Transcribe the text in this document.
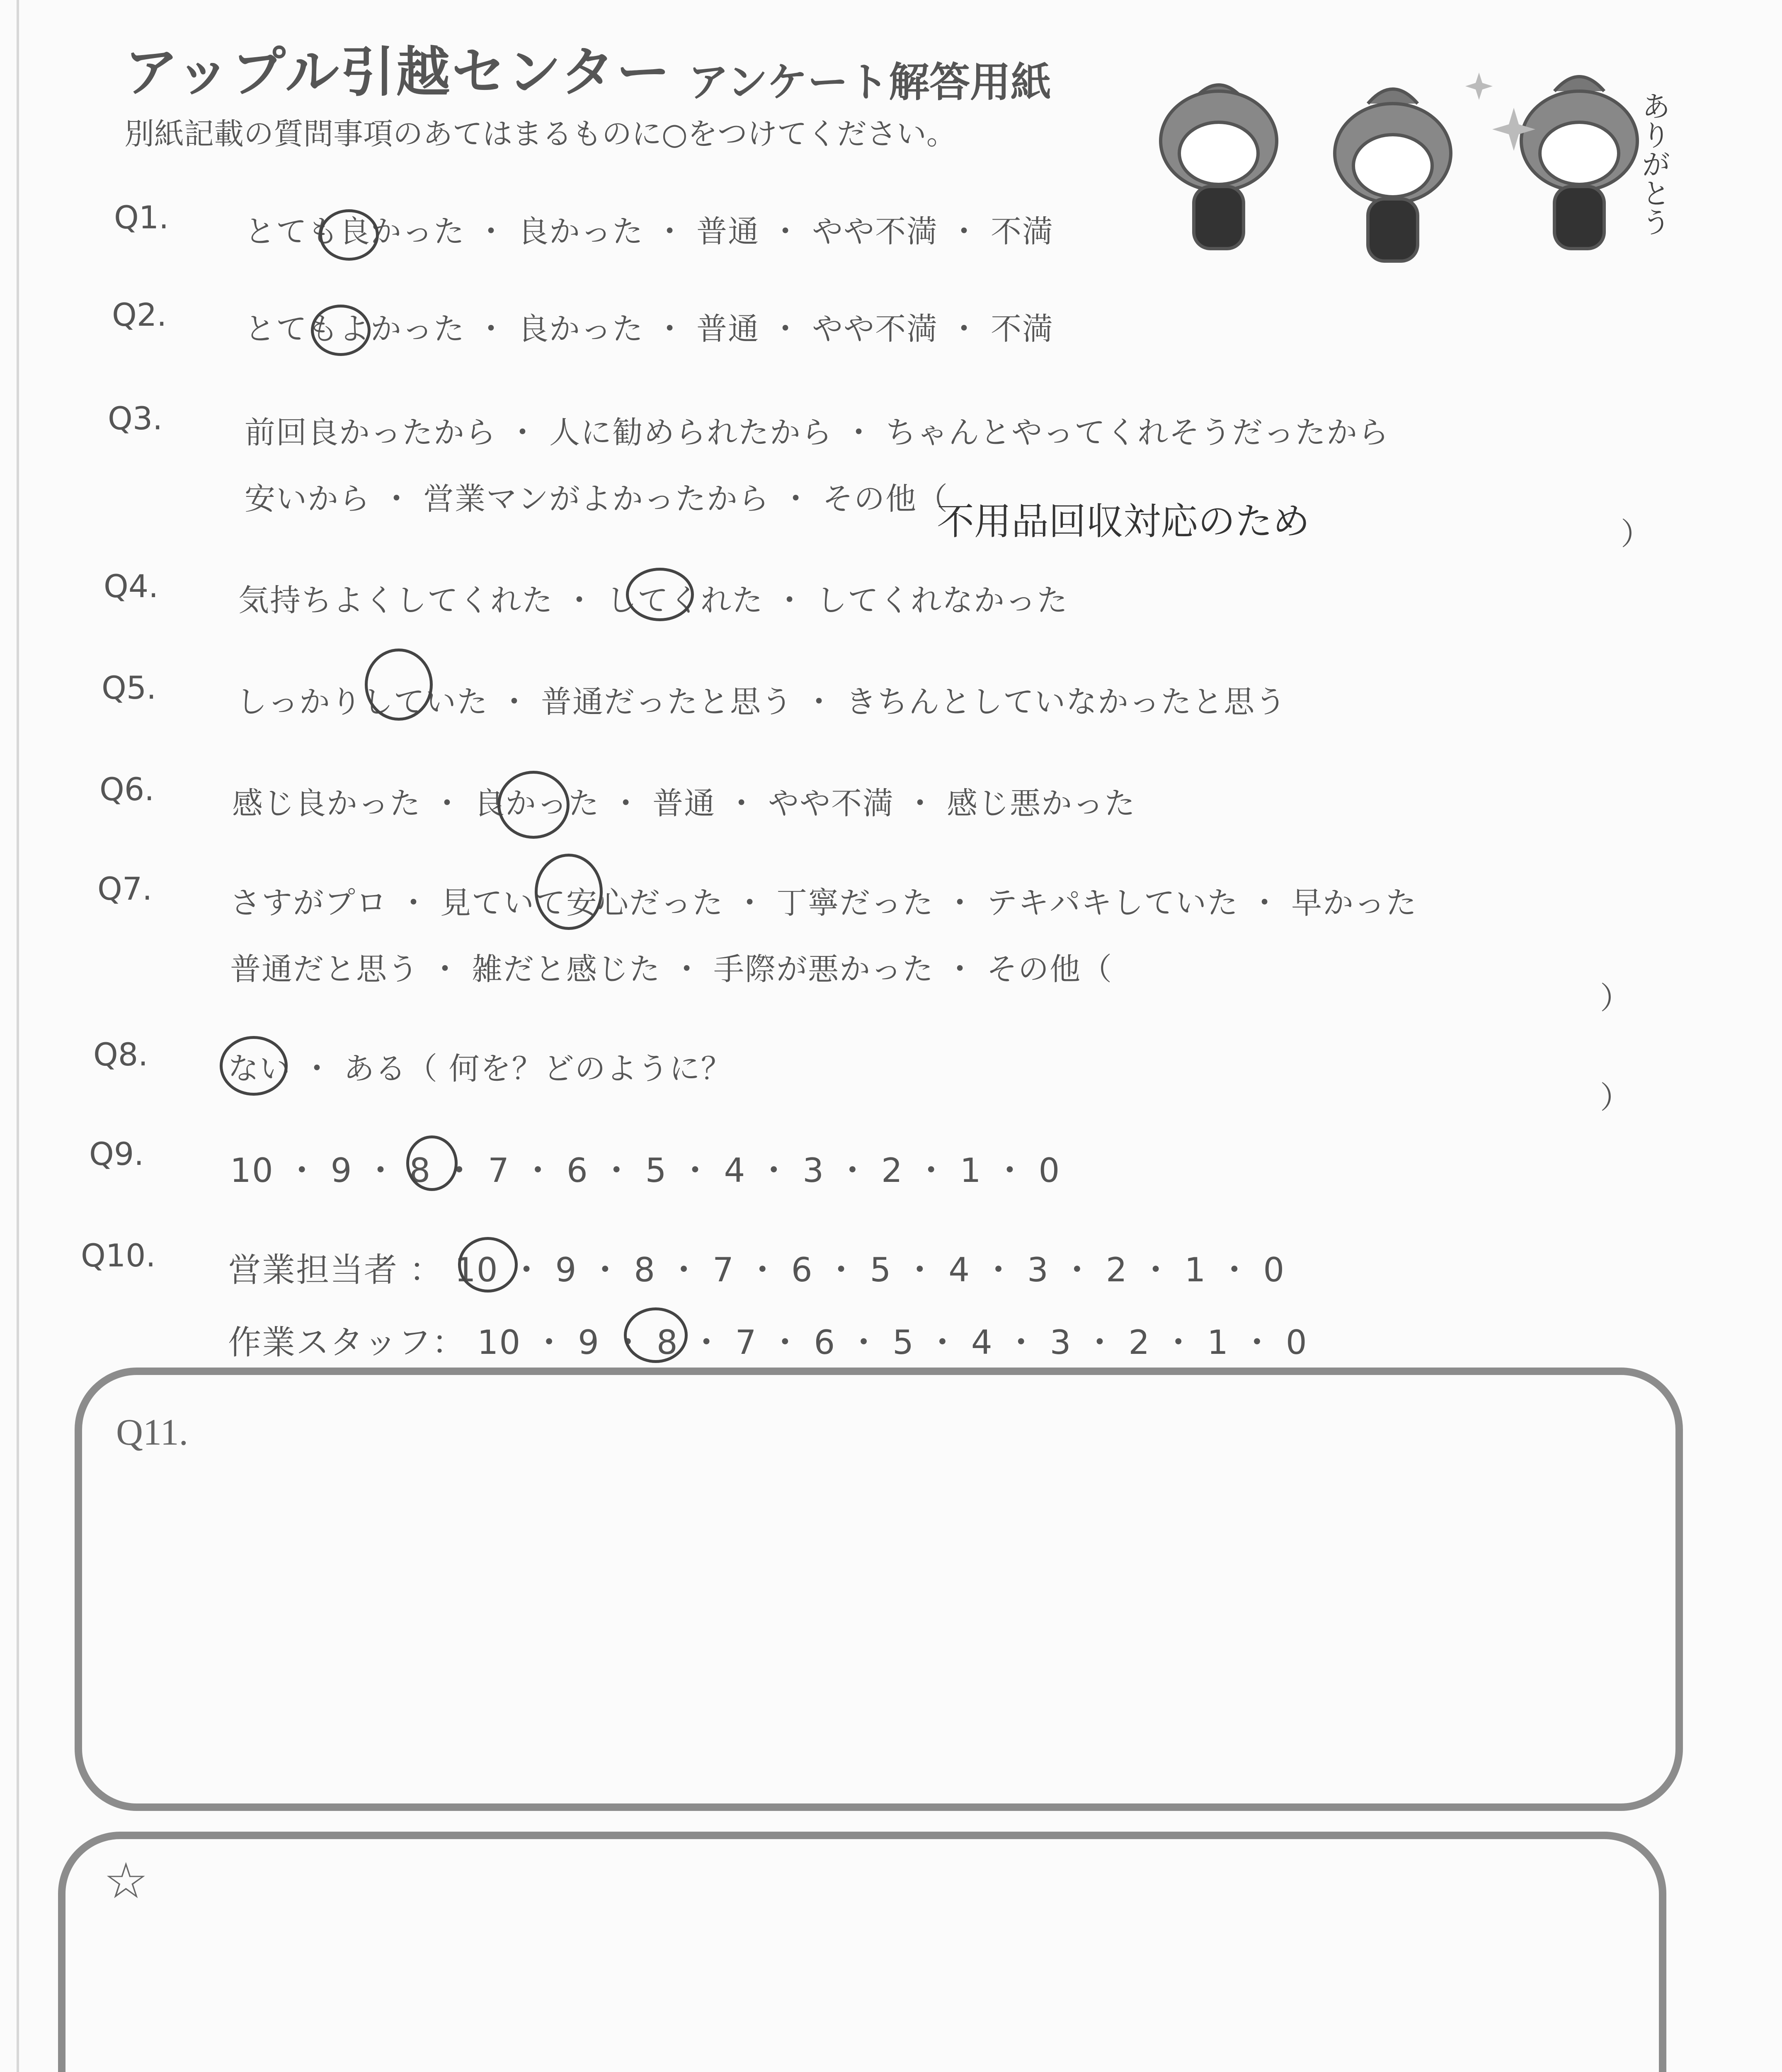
アップル引越センター アンケート解答用紙
別紙記載の質問事項のあてはまるものに○をつけてください。	ありがとう
Q1. とても良かった ・ 良かった ・ 普通 ・ やや不満 ・ 不満
Q2.	とてもよかった ・ 良かった ・ 普通 ・ やや不満 ・ 不満
Q3.	前回良かったから ・ 人に勧められたから ・ ちゃんとやってくれそうだったから
安いから ・ 営業マンがよかったから ・ その他（
不用品回収対応のため	）
Q4.	気持ちよくしてくれた ・ してくれた ・ してくれなかった
Q5.	しっかりしていた ・ 普通だったと思う ・ きちんとしていなかったと思う
Q6.	感じ良かった ・ 良かった ・ 普通 ・ やや不満 ・ 感じ悪かった
Q7.	さすがプロ ・ 見ていて安心だった ・ 丁寧だった ・ テキパキしていた ・ 早かった
普通だと思う ・ 雑だと感じた ・ 手際が悪かった ・ その他（
）
Q8.	ない ・ ある（ 何を？どのように？
）
Q9.	10 ・ 9 ・ 8 ・ 7 ・ 6 ・ 5 ・ 4 ・ 3 ・ 2 ・ 1 ・ 0
Q10. 営業担当者 ： 10 ・ 9 ・ 8 ・ 7 ・ 6 ・ 5 ・ 4 ・ 3 ・ 2 ・ 1 ・ 0
作業スタッフ： 10 ・ 9 ・ 8 ・ 7 ・ 6 ・ 5 ・ 4 ・ 3 ・ 2 ・ 1 ・ 0
Q11.
☆
